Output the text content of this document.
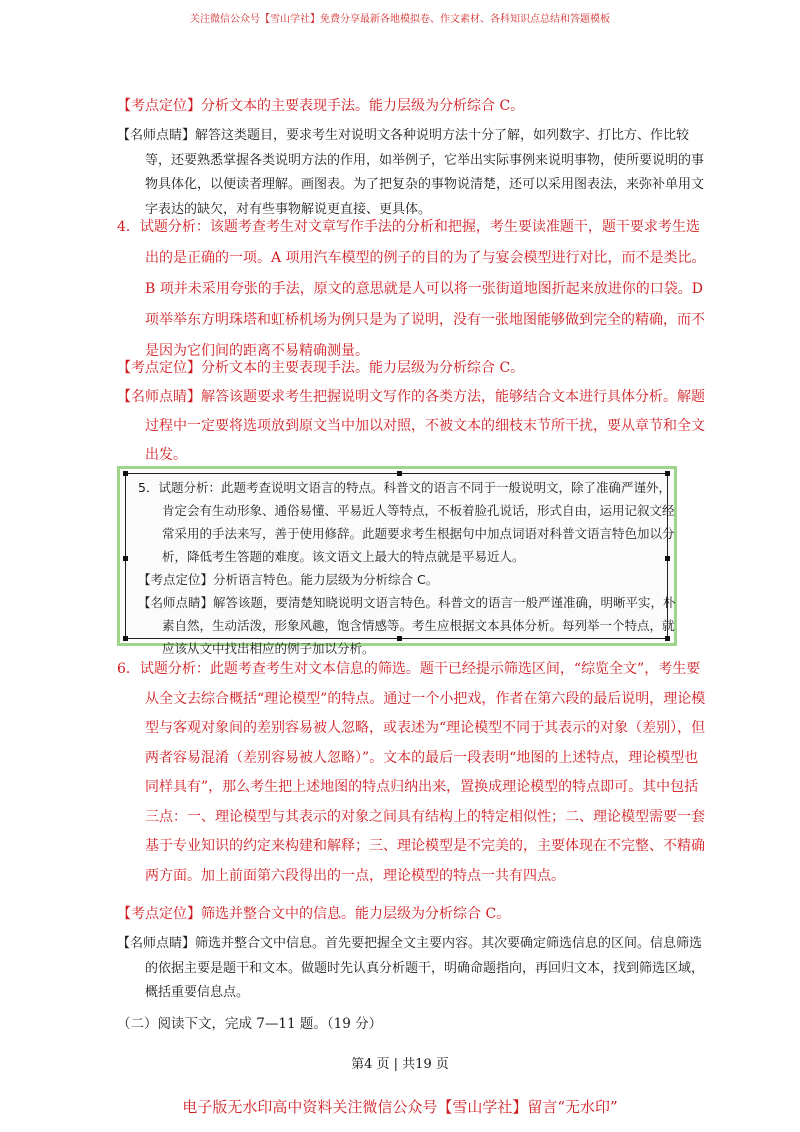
关注微信公众号【雪山学社】免费分享最新各地模拟卷、作文素材、各科知识点总结和答题模板

【考点定位】分析文本的主要表现手法。能力层级为分析综合 C。

【名师点睛】解答这类题目，要求考生对说明文各种说明方法十分了解，如列数字、打比方、作比较等，还要熟悉掌握各类说明方法的作用，如举例子，它举出实际事例来说明事物，使所要说明的事物具体化，以便读者理解。画图表。为了把复杂的事物说清楚，还可以采用图表法，来弥补单用文字表达的缺欠，对有些事物解说更直接、更具体。

4．试题分析：该题考查考生对文章写作手法的分析和把握，考生要读准题干，题干要求考生选出的是正确的一项。A 项用汽车模型的例子的目的为了与宴会模型进行对比，而不是类比。B 项并未采用夸张的手法，原文的意思就是人可以将一张街道地图折起来放进你的口袋。D 项举举东方明珠塔和虹桥机场为例只是为了说明，没有一张地图能够做到完全的精确，而不是因为它们间的距离不易精确测量。

【考点定位】分析文本的主要表现手法。能力层级为分析综合 C。

【名师点睛】解答该题要求考生把握说明文写作的各类方法，能够结合文本进行具体分析。解题过程中一定要将选项放到原文当中加以对照，不被文本的细枝末节所干扰，要从章节和全文出发。

5．试题分析：此题考查说明文语言的特点。科普文的语言不同于一般说明文，除了准确严谨外，肯定会有生动形象、通俗易懂、平易近人等特点，不板着脸孔说话，形式自由，运用记叙文经常采用的手法来写，善于使用修辞。此题要求考生根据句中加点词语对科普文语言特色加以分析，降低考生答题的难度。该文语文上最大的特点就是平易近人。
【考点定位】分析语言特色。能力层级为分析综合 C。
【名师点睛】解答该题，要清楚知晓说明文语言特色。科普文的语言一般严谨准确，明晰平实，朴素自然，生动活泼，形象风趣，饱含情感等。考生应根据文本具体分析。每列举一个特点，就应该从文中找出相应的例子加以分析。

6．试题分析：此题考查考生对文本信息的筛选。题干已经提示筛选区间，“综览全文”，考生要从全文去综合概括“理论模型”的特点。通过一个小把戏，作者在第六段的最后说明，理论模型与客观对象间的差别容易被人忽略，或表述为“理论模型不同于其表示的对象（差别），但两者容易混淆（差别容易被人忽略）”。文本的最后一段表明“地图的上述特点，理论模型也同样具有”，那么考生把上述地图的特点归纳出来，置换成理论模型的特点即可。其中包括三点：一、理论模型与其表示的对象之间具有结构上的特定相似性；二、理论模型需要一套基于专业知识的约定来构建和解释；三、理论模型是不完美的，主要体现在不完整、不精确两方面。加上前面第六段得出的一点，理论模型的特点一共有四点。

【考点定位】筛选并整合文中的信息。能力层级为分析综合 C。

【名师点睛】筛选并整合文中信息。首先要把握全文主要内容。其次要确定筛选信息的区间。信息筛选的依据主要是题干和文本。做题时先认真分析题干，明确命题指向，再回归文本，找到筛选区域，概括重要信息点。

（二）阅读下文，完成 7—11 题。（19 分）

第4 页 | 共19 页
电子版无水印高中资料关注微信公众号【雪山学社】留言“无水印”
